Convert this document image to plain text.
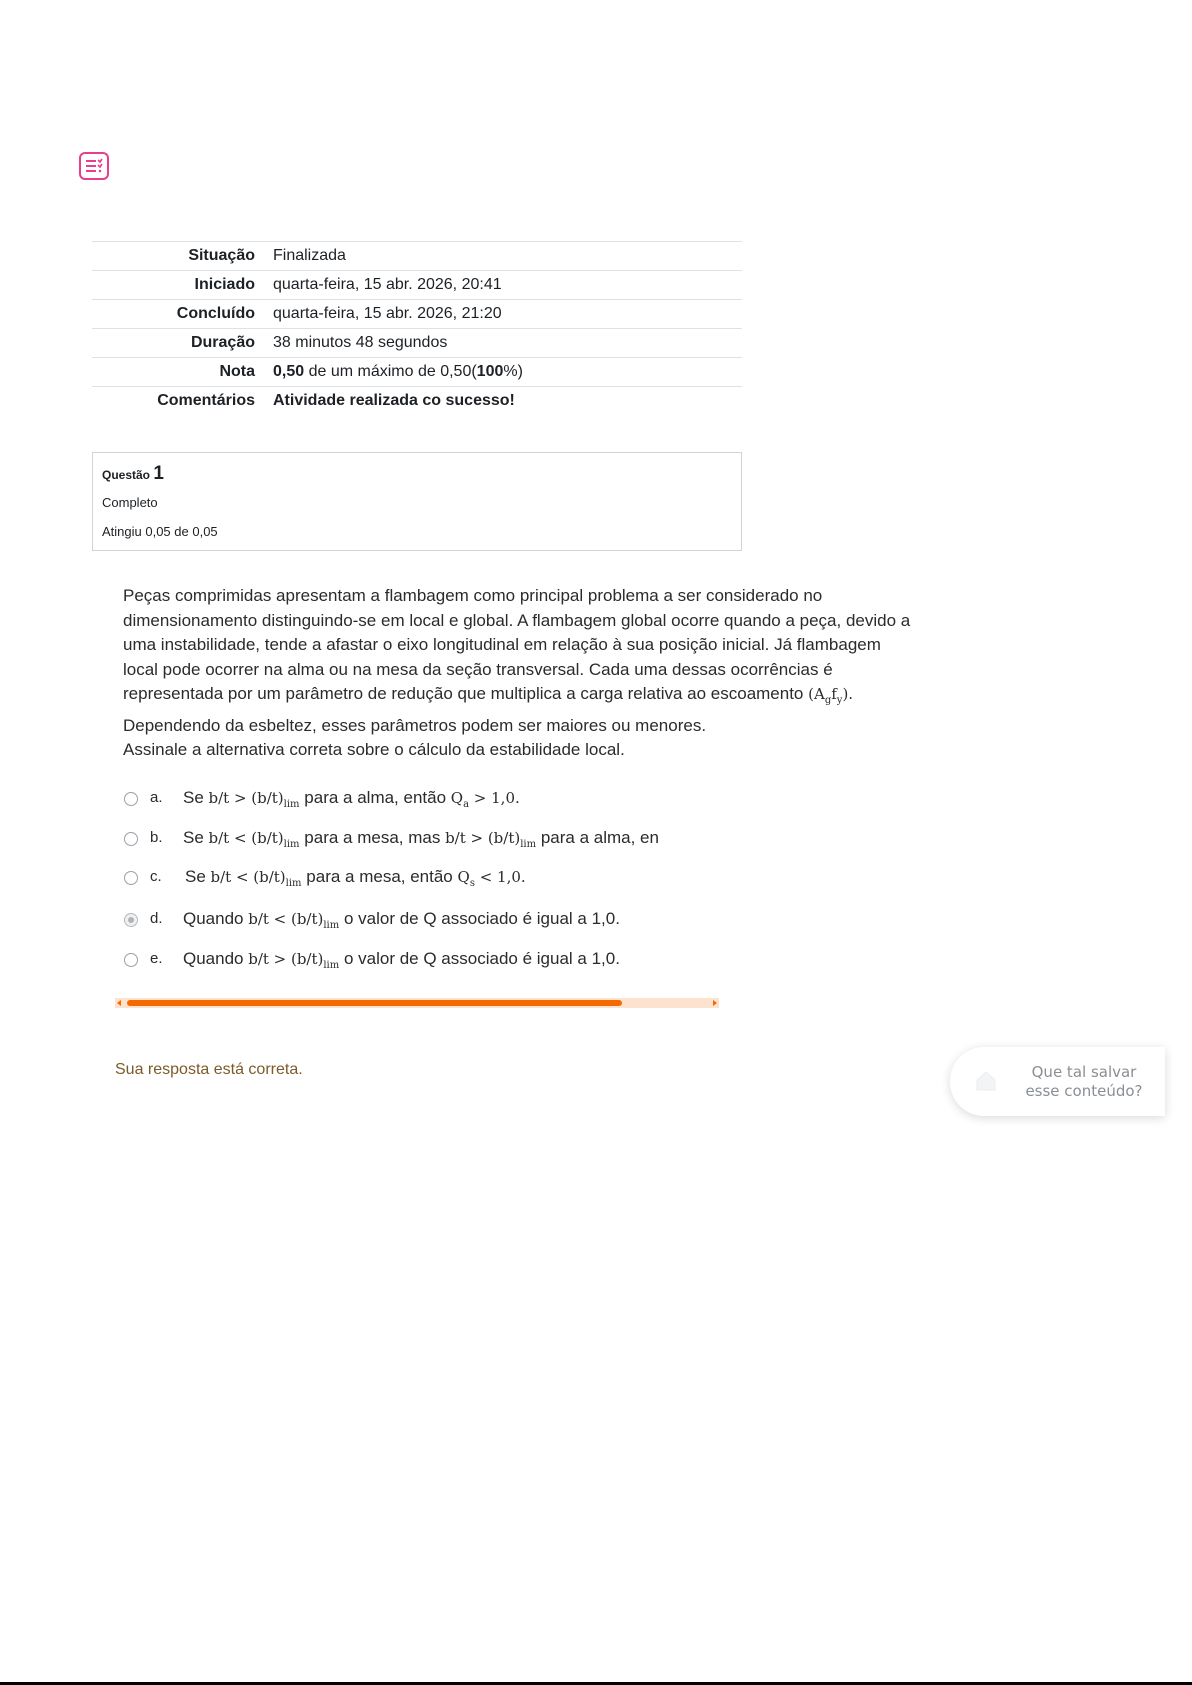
Situação	Finalizada
Iniciado	quarta-feira, 15 abr. 2026, 20:41
Concluído	quarta-feira, 15 abr. 2026, 21:20
Duração	38 minutos 48 segundos
Nota	0,50 de um máximo de 0,50(100%)
Comentários	Atividade realizada co sucesso!
Questão 1
Completo
Atingiu 0,05 de 0,05
Peças comprimidas apresentam a flambagem como principal problema a ser considerado no
dimensionamento distinguindo-se em local e global. A flambagem global ocorre quando a peça, devido a
uma instabilidade, tende a afastar o eixo longitudinal em relação à sua posição inicial. Já flambagem
local pode ocorrer na alma ou na mesa da seção transversal. Cada uma dessas ocorrências é
representada por um parâmetro de redução que multiplica a carga relativa ao escoamento $(A_gf_y)$.
Dependendo da esbeltez, esses parâmetros podem ser maiores ou menores.
Assinale a alternativa correta sobre o cálculo da estabilidade local.
a. Se $b/t > (b/t)_{lim}$ para a alma, então $Q_a > 1,0$.
b. Se $b/t < (b/t)_{lim}$ para a mesa, mas $b/t > (b/t)_{lim}$ para a alma, en
c. Se $b/t < (b/t)_{lim}$ para a mesa, então $Q_s < 1,0$.
d. Quando $b/t < (b/t)_{lim}$ o valor de Q associado é igual a 1,0.
e. Quando $b/t > (b/t)_{lim}$ o valor de Q associado é igual a 1,0.
Sua resposta está correta.	Que tal salvar
esse conteúdo?
